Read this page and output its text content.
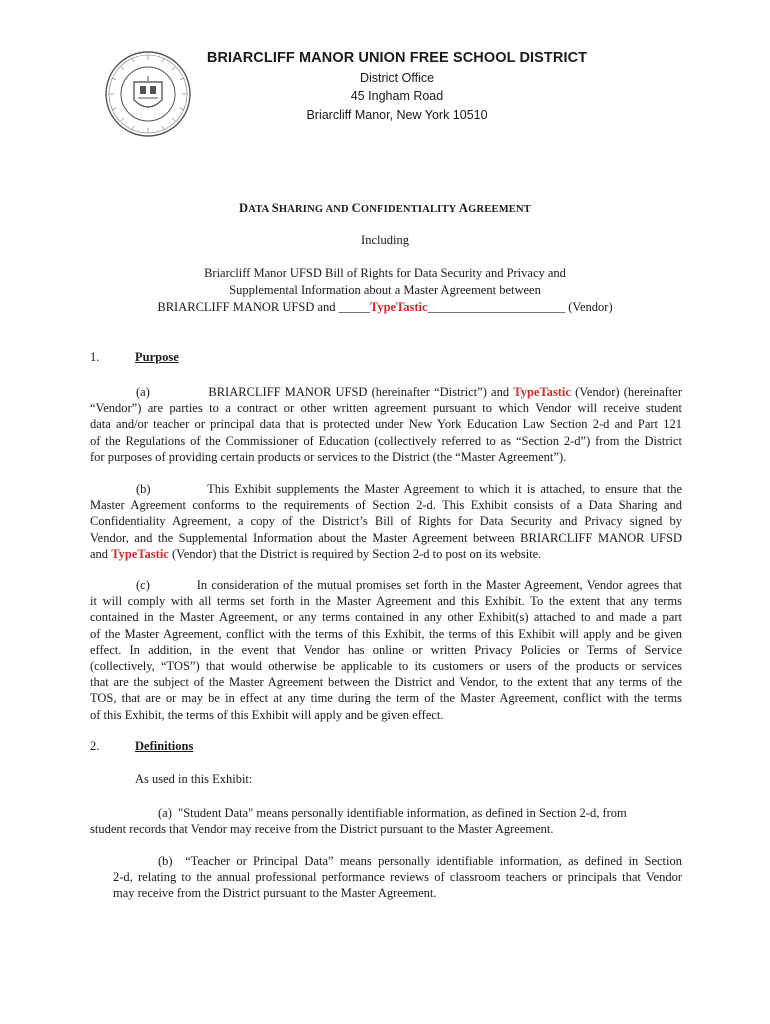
BRIARCLIFF MANOR UNION FREE SCHOOL DISTRICT
District Office
45 Ingham Road
Briarcliff Manor, New York 10510
DATA SHARING AND CONFIDENTIALITY AGREEMENT
Including
Briarcliff Manor UFSD Bill of Rights for Data Security and Privacy and
Supplemental Information about a Master Agreement between
BRIARCLIFF MANOR UFSD and _____TypeTastic______________________ (Vendor)
1.	Purpose
(a)              BRIARCLIFF MANOR UFSD (hereinafter “District”) and TypeTastic (Vendor) (hereinafter
“Vendor”) are parties to a contract or other written agreement pursuant to which Vendor will receive student
data and/or teacher or principal data that is protected under New York Education Law Section 2-d and Part 121
of the Regulations of the Commissioner of Education (collectively referred to as “Section 2-d”) from the District
for purposes of providing certain products or services to the District (the “Master Agreement”).
(b)           This Exhibit supplements the Master Agreement to which it is attached, to ensure that the
Master Agreement conforms to the requirements of Section 2-d. This Exhibit consists of a Data Sharing and
Confidentiality Agreement, a copy of the District’s Bill of Rights for Data Security and Privacy signed by
Vendor, and the Supplemental Information about the Master Agreement between BRIARCLIFF MANOR UFSD
and TypeTastic (Vendor) that the District is required by Section 2-d to post on its website.
(c)           In consideration of the mutual promises set forth in the Master Agreement, Vendor agrees that
it will comply with all terms set forth in the Master Agreement and this Exhibit. To the extent that any terms
contained in the Master Agreement, or any terms contained in any other Exhibit(s) attached to and made a part
of the Master Agreement, conflict with the terms of this Exhibit, the terms of this Exhibit will apply and be given
effect. In addition, in the event that Vendor has online or written Privacy Policies or Terms of Service
(collectively, “TOS”) that would otherwise be applicable to its customers or users of the products or services
that are the subject of the Master Agreement between the District and Vendor, to the extent that any terms of the
TOS, that are or may be in effect at any time during the term of the Master Agreement, conflict with the terms
of this Exhibit, the terms of this Exhibit will apply and be given effect.
2.	Definitions
As used in this Exhibit:
(a)  "Student Data" means personally identifiable information, as defined in Section 2-d, from
student records that Vendor may receive from the District pursuant to the Master Agreement.
(b)  “Teacher or Principal Data” means personally identifiable information, as defined in Section
2-d, relating to the annual professional performance reviews of classroom teachers or principals that Vendor
may receive from the District pursuant to the Master Agreement.
